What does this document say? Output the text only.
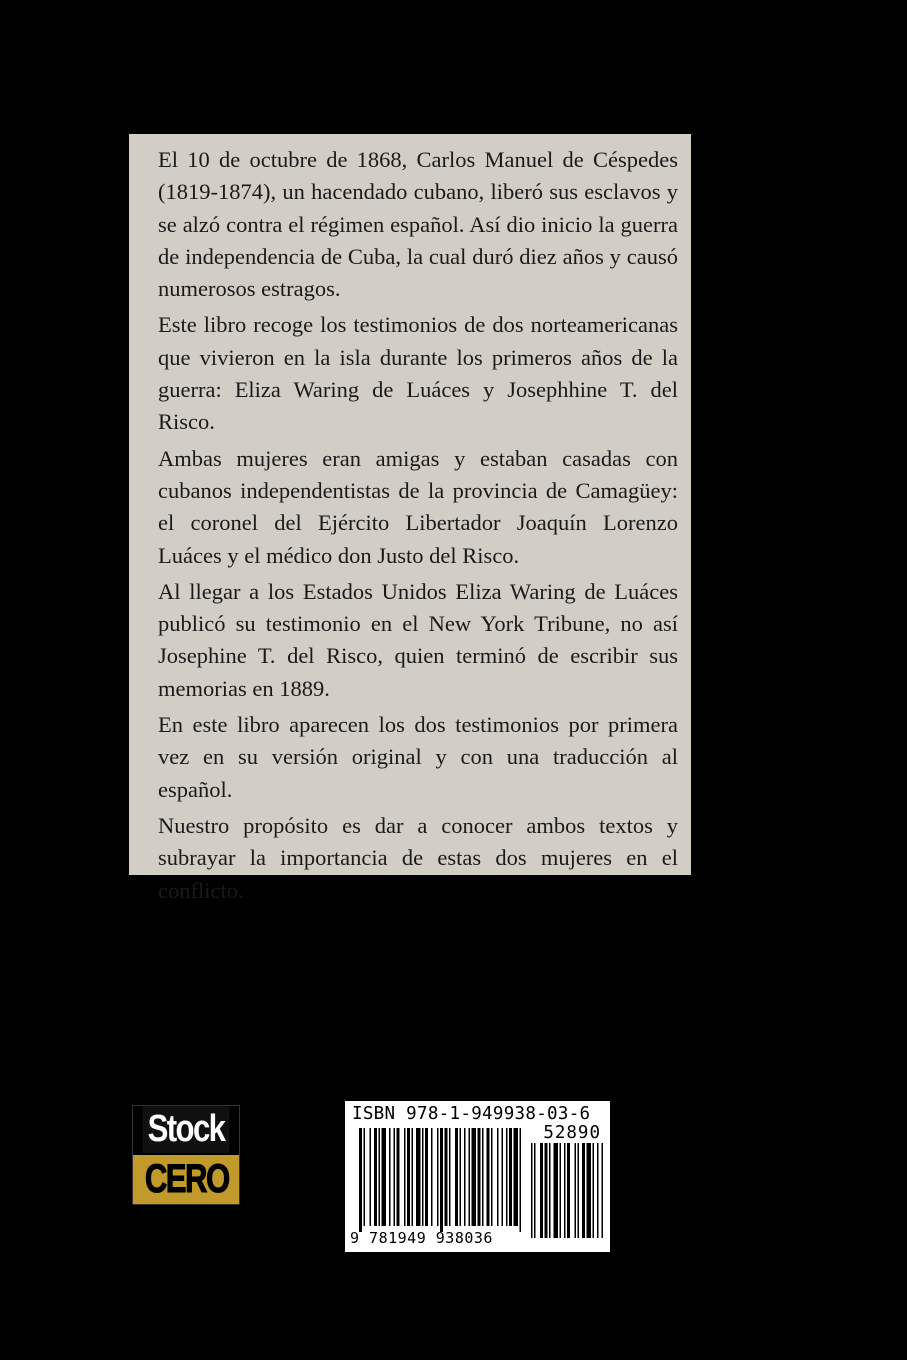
El 10 de octubre de 1868, Carlos Manuel de Céspedes (1819-1874), un hacendado cubano, liberó sus esclavos y se alzó contra el régimen español. Así dio inicio la guerra de independencia de Cuba, la cual duró diez años y causó numerosos estragos.

Este libro recoge los testimonios de dos norteamericanas que vivieron en la isla durante los primeros años de la guerra: Eliza Waring de Luáces y Josephhine T. del Risco.

Ambas mujeres eran amigas y estaban casadas con cubanos independentistas de la provincia de Camagüey: el coronel del Ejército Libertador Joaquín Lorenzo Luáces y el médico don Justo del Risco.

Al llegar a los Estados Unidos Eliza Waring de Luáces publicó su testimonio en el New York Tribune, no así Josephine T. del Risco, quien terminó de escribir sus memorias en 1889.

En este libro aparecen los dos testimonios por primera vez en su versión original y con una traducción al español.

Nuestro propósito es dar a conocer ambos textos y subrayar la importancia de estas dos mujeres en el conflicto.

Stock
CERO
ISBN 978-1-949938-03-6
52890
9 781949 938036
